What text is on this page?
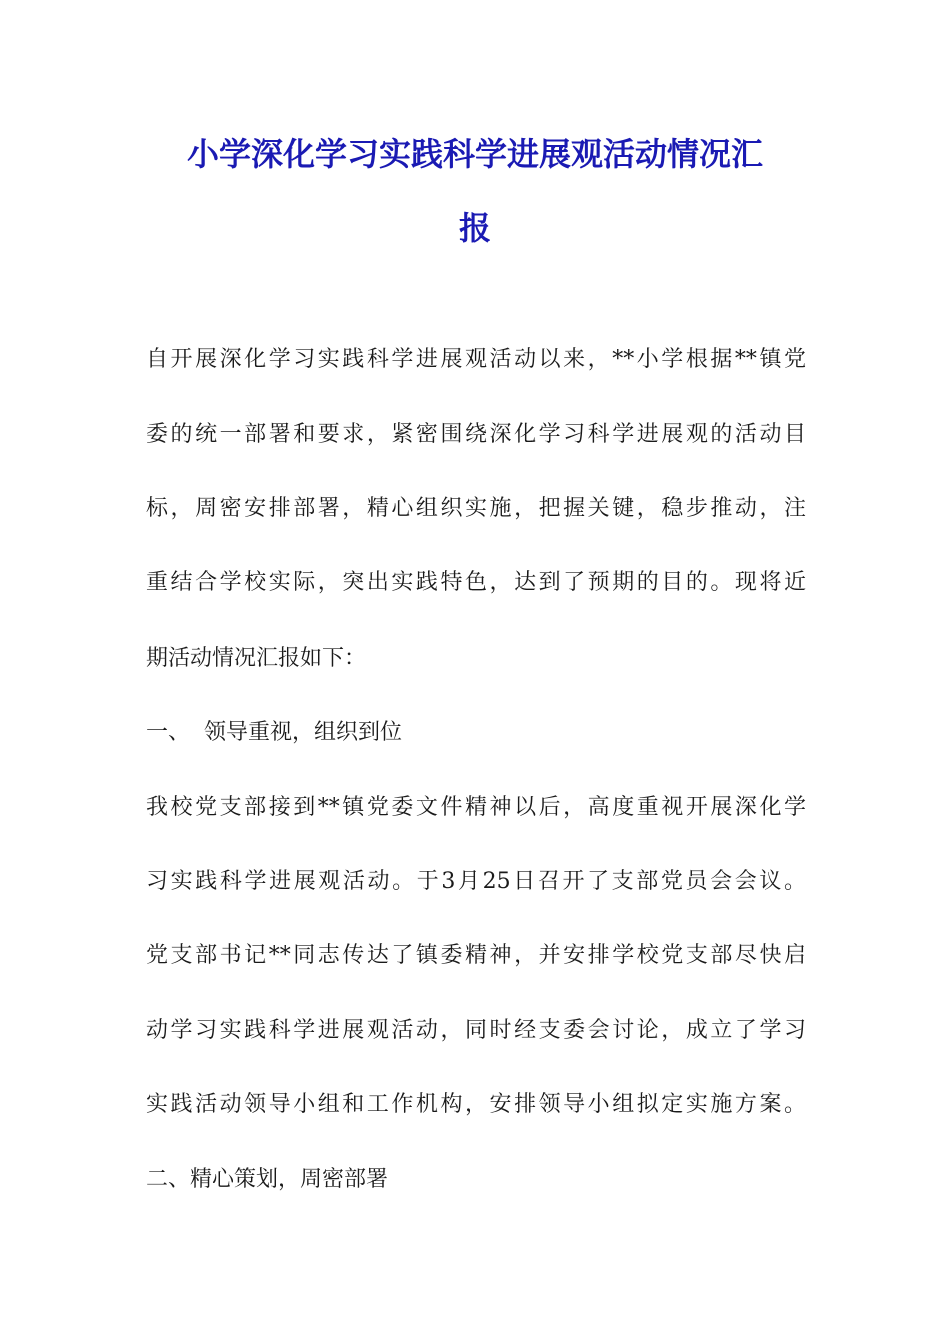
小学深化学习实践科学进展观活动情况汇
报

自开展深化学习实践科学进展观活动以来，**小学根据**镇党

委的统一部署和要求，紧密围绕深化学习科学进展观的活动目

标，周密安排部署，精心组织实施，把握关键，稳步推动，注

重结合学校实际，突出实践特色，达到了预期的目的。现将近

期活动情况汇报如下：

一、  领导重视，组织到位

我校党支部接到**镇党委文件精神以后，高度重视开展深化学

习实践科学进展观活动。于3月25日召开了支部党员会会议。

党支部书记**同志传达了镇委精神，并安排学校党支部尽快启

动学习实践科学进展观活动，同时经支委会讨论，成立了学习

实践活动领导小组和工作机构，安排领导小组拟定实施方案。

二、精心策划，周密部署
